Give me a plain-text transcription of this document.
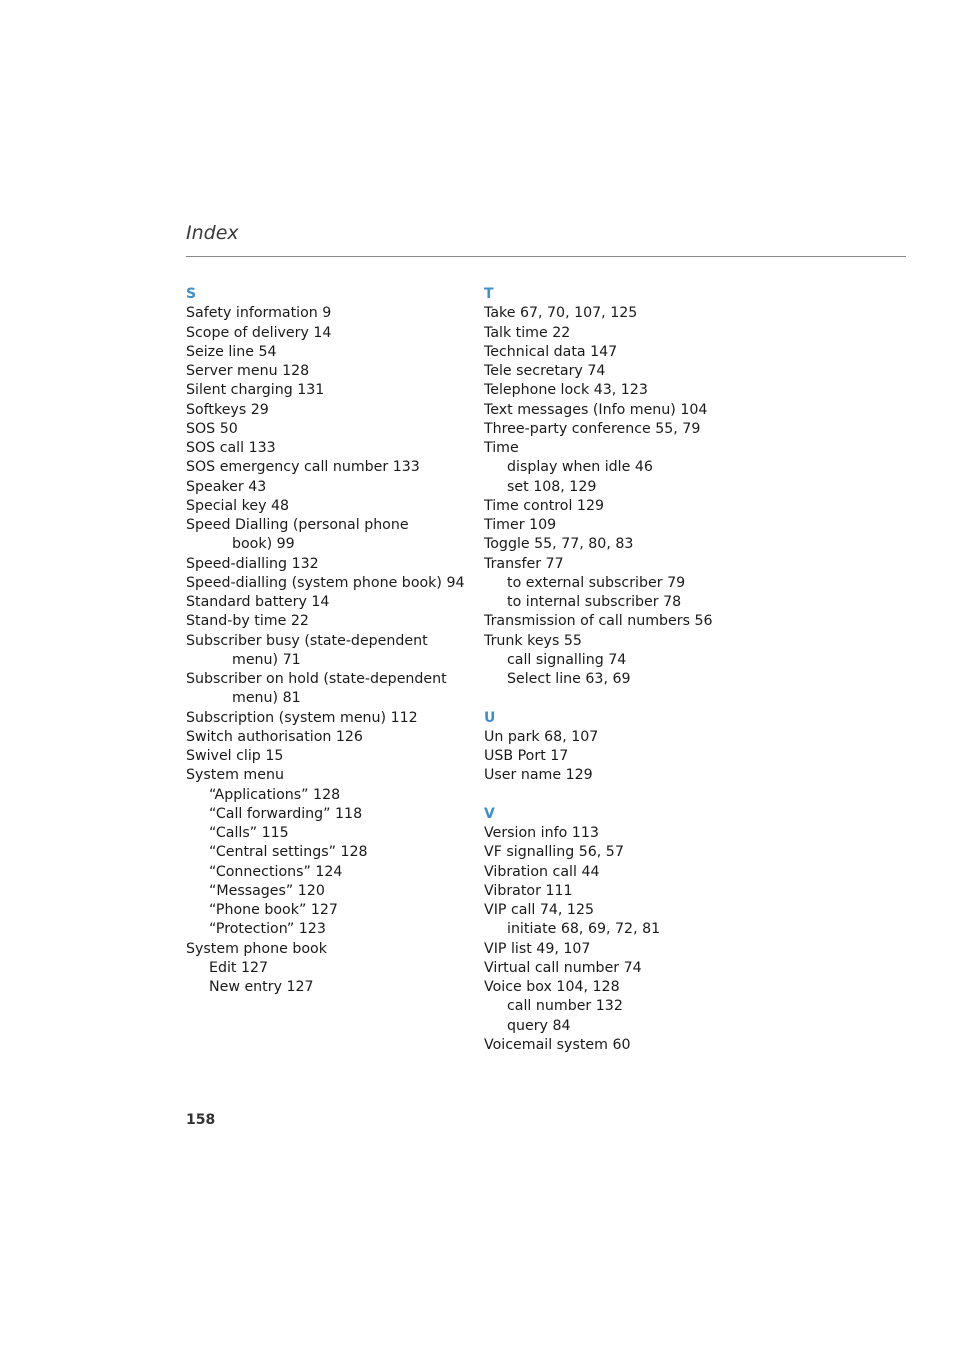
Index
S
Safety information 9
Scope of delivery 14
Seize line 54
Server menu 128
Silent charging 131
Softkeys 29
SOS 50
SOS call 133
SOS emergency call number 133
Speaker 43
Special key 48
Speed Dialling (personal phone
book) 99
Speed-dialling 132
Speed-dialling (system phone book) 94
Standard battery 14
Stand-by time 22
Subscriber busy (state-dependent
menu) 71
Subscriber on hold (state-dependent
menu) 81
Subscription (system menu) 112
Switch authorisation 126
Swivel clip 15
System menu
“Applications” 128
“Call forwarding” 118
“Calls” 115
“Central settings” 128
“Connections” 124
“Messages” 120
“Phone book” 127
“Protection” 123
System phone book
Edit 127
New entry 127
T
Take 67, 70, 107, 125
Talk time 22
Technical data 147
Tele secretary 74
Telephone lock 43, 123
Text messages (Info menu) 104
Three-party conference 55, 79
Time
display when idle 46
set 108, 129
Time control 129
Timer 109
Toggle 55, 77, 80, 83
Transfer 77
to external subscriber 79
to internal subscriber 78
Transmission of call numbers 56
Trunk keys 55
call signalling 74
Select line 63, 69
U
Un park 68, 107
USB Port 17
User name 129
V
Version info 113
VF signalling 56, 57
Vibration call 44
Vibrator 111
VIP call 74, 125
initiate 68, 69, 72, 81
VIP list 49, 107
Virtual call number 74
Voice box 104, 128
call number 132
query 84
Voicemail system 60
158
